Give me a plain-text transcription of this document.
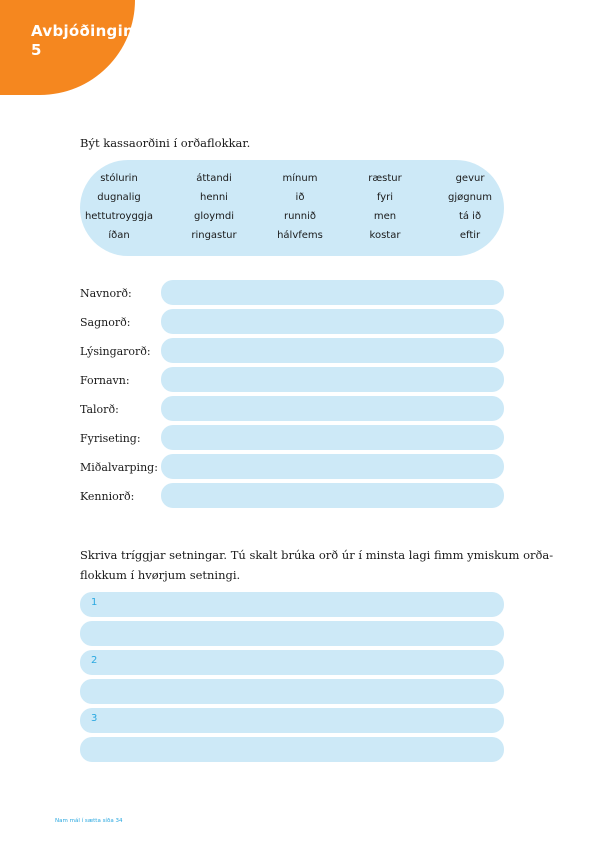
Avbjóðingin
5
Být kassaorðini í orðaflokkar.
stólurin
dugnalig
hettutroyggja
íðan
áttandi
henni
gloymdi
ringastur
mínum
ið
runnið
hálvfems
ræstur
fyri
men
kostar
gevur
gjøgnum
tá ið
eftir
Navnorð:
Sagnorð:
Lýsingarorð:
Fornavn:
Talorð:
Fyriseting:
Miðalvarping:
Kenniorð:
Skriva tríggjar setningar. Tú skalt brúka orð úr í minsta lagi fimm ymiskum orða-
flokkum í hvørjum setningi.
1
2
3
Nam mál í sætta síða 34
